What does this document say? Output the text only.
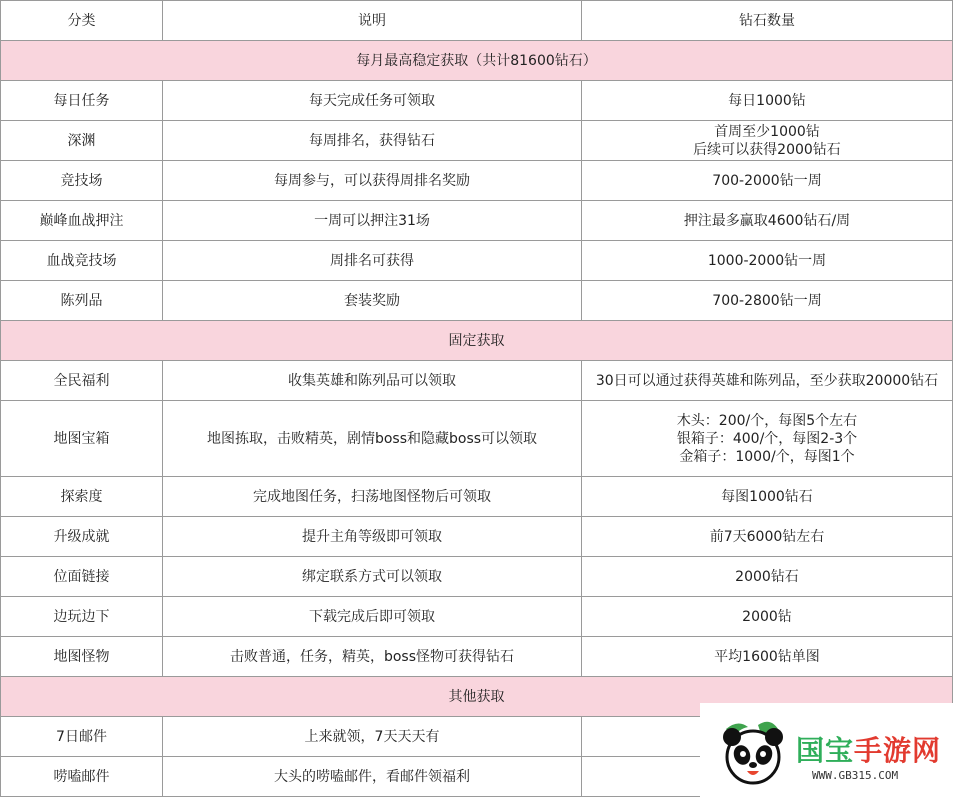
分类	说明	钻石数量
每月最高稳定获取（共计81600钻石）		
每日任务	每天完成任务可领取	每日1000钻
深渊	每周排名，获得钻石	首周至少1000钻
后续可以获得2000钻石
竞技场	每周参与，可以获得周排名奖励	700-2000钻一周
巅峰血战押注	一周可以押注31场	押注最多赢取4600钻石/周
血战竞技场	周排名可获得	1000-2000钻一周
陈列品	套装奖励	700-2800钻一周
固定获取		
全民福利	收集英雄和陈列品可以领取	30日可以通过获得英雄和陈列品，至少获取20000钻石
地图宝箱	地图拣取，击败精英，剧情boss和隐藏boss可以领取	木头：200/个，每图5个左右
银箱子：400/个，每图2-3个
金箱子：1000/个，每图1个
探索度	完成地图任务，扫荡地图怪物后可领取	每图1000钻石
升级成就	提升主角等级即可领取	前7天6000钻左右
位面链接	绑定联系方式可以领取	2000钻石
边玩边下	下载完成后即可领取	2000钻
地图怪物	击败普通，任务，精英，boss怪物可获得钻石	平均1600钻单图
其他获取		
7日邮件	上来就领，7天天天有	
唠嗑邮件	大头的唠嗑邮件，看邮件领福利	
国宝手游网
WWW.GB315.COM
